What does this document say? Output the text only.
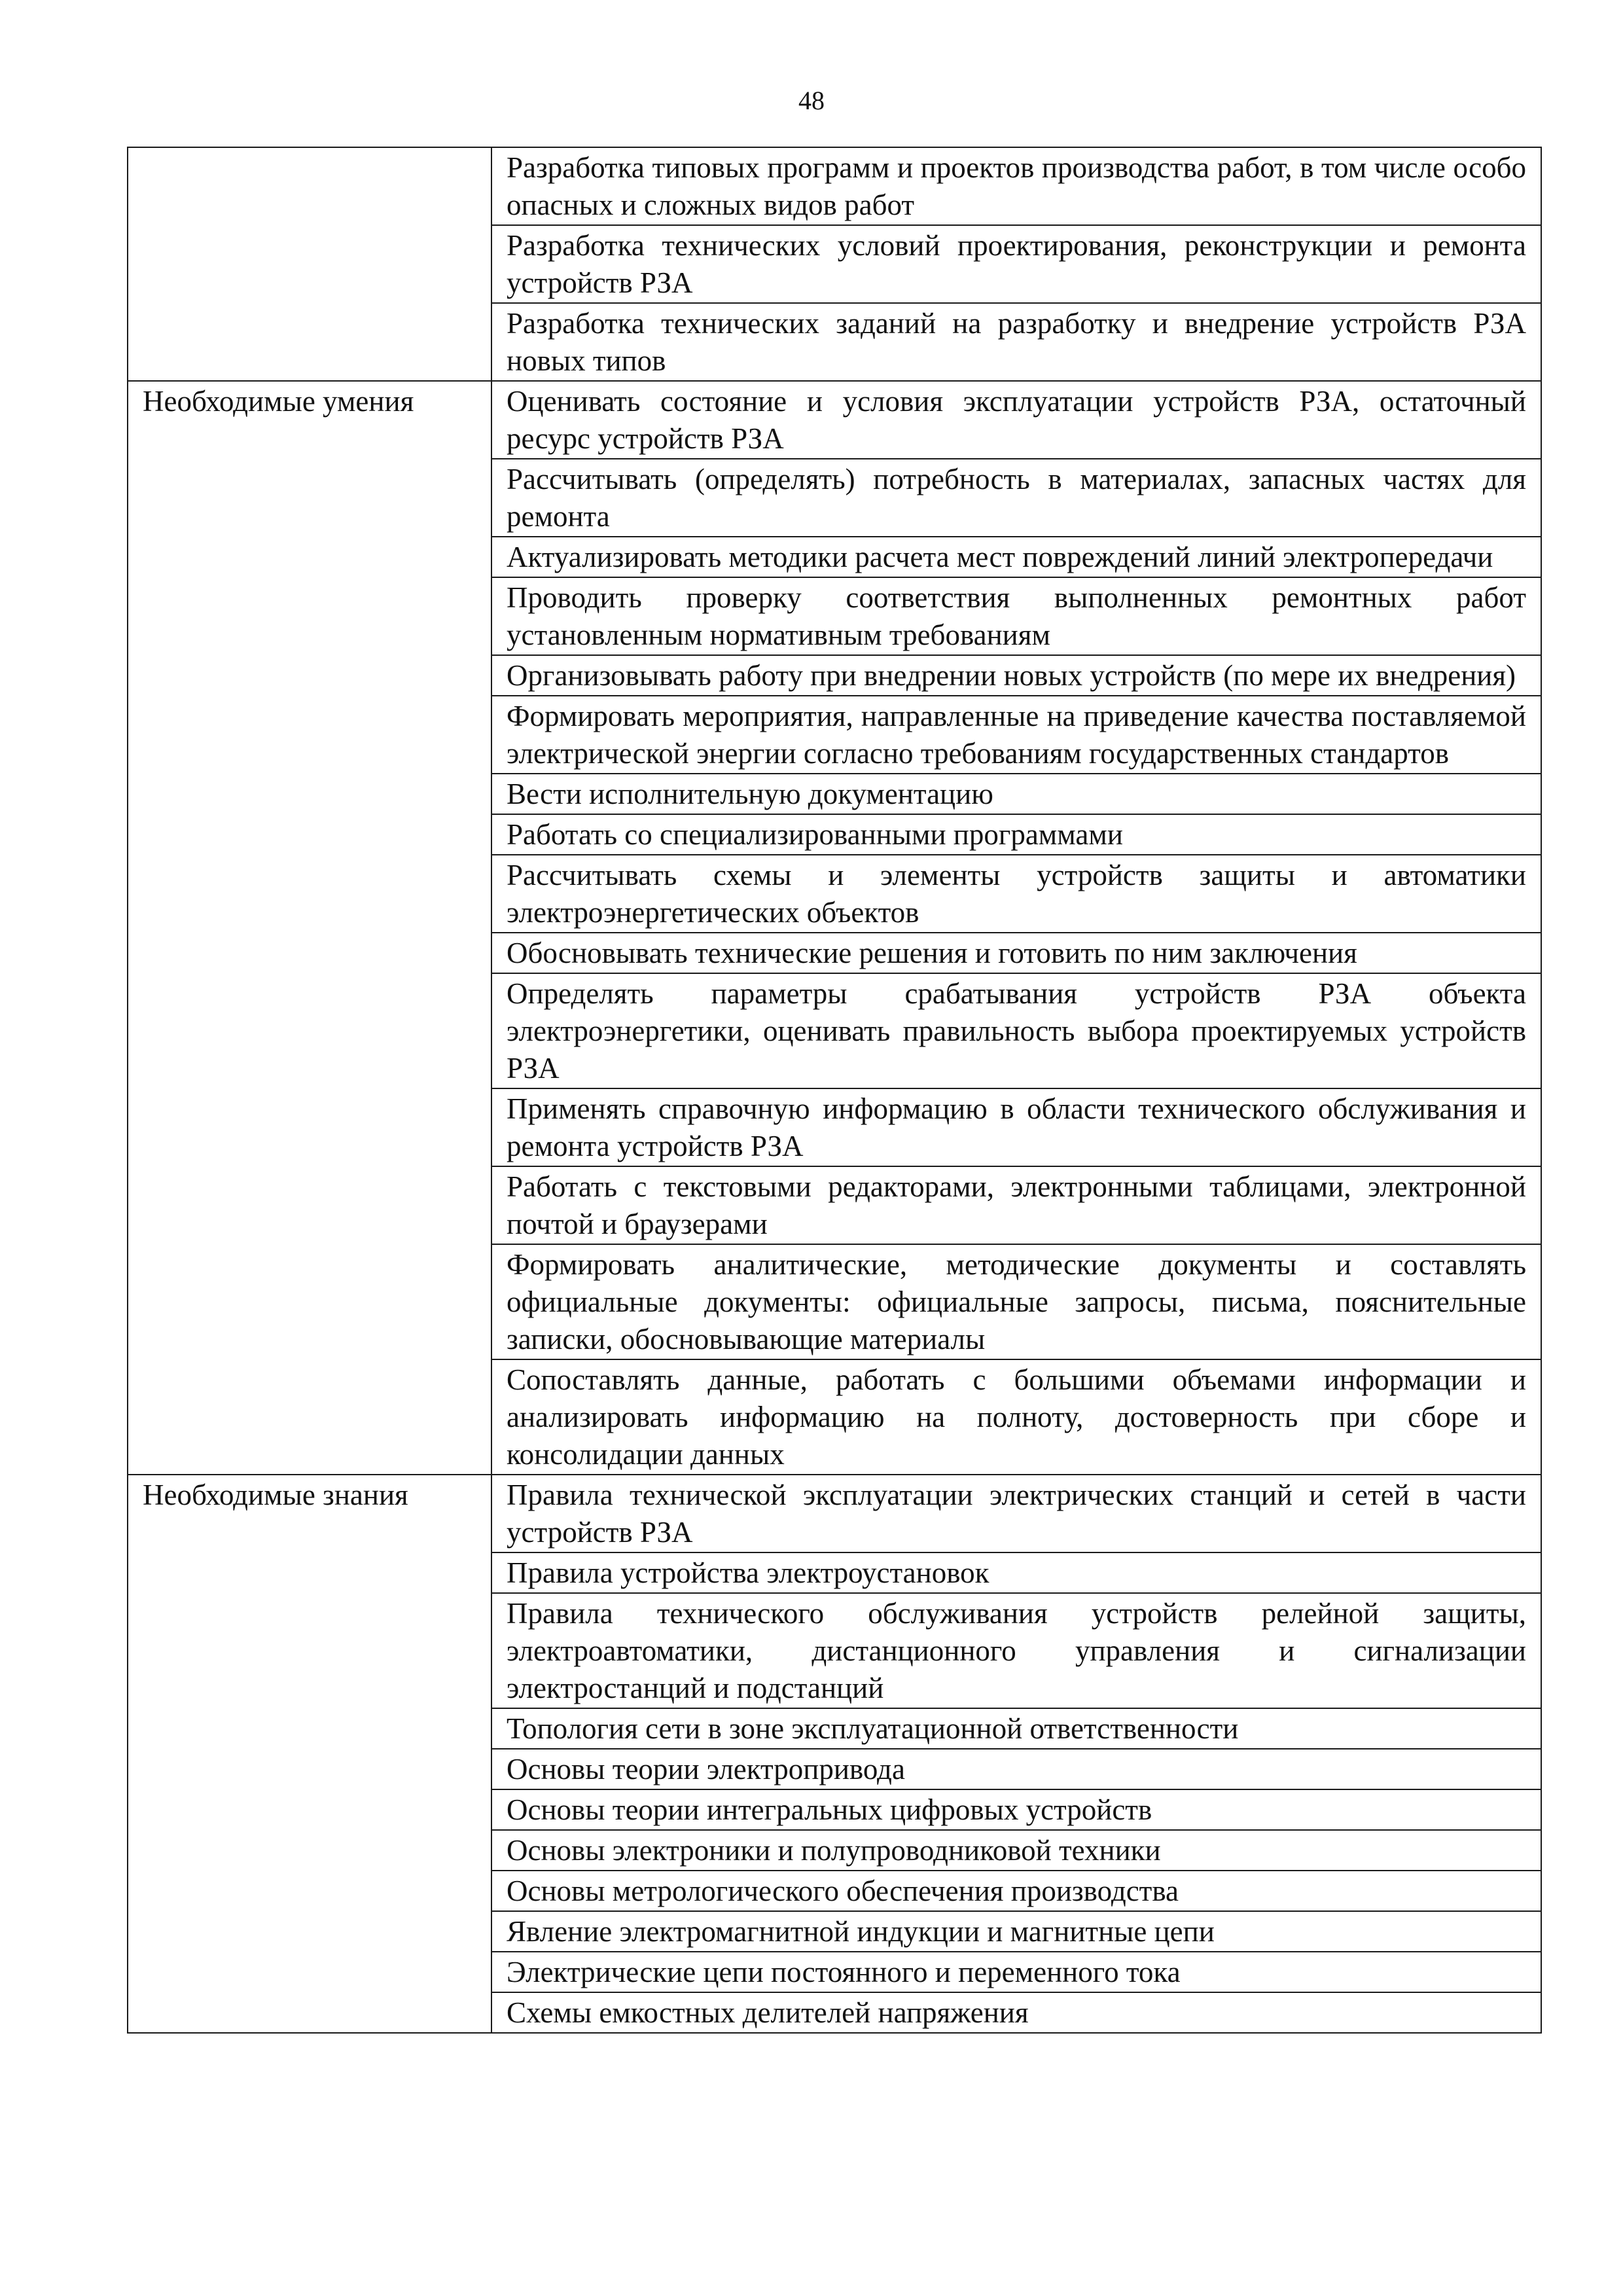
48
	Разработка типовых программ и проектов производства работ, в том числе особо опасных и сложных видов работ
	Разработка технических условий проектирования, реконструкции и ремонта устройств РЗА
	Разработка технических заданий на разработку и внедрение устройств РЗА новых типов
Необходимые умения	Оценивать состояние и условия эксплуатации устройств РЗА, остаточный ресурс устройств РЗА
	Рассчитывать (определять) потребность в материалах, запасных частях для ремонта
	Актуализировать методики расчета мест повреждений линий электропередачи
	Проводить проверку соответствия выполненных ремонтных работ установленным нормативным требованиям
	Организовывать работу при внедрении новых устройств (по мере их внедрения)
	Формировать мероприятия, направленные на приведение качества поставляемой электрической энергии согласно требованиям государственных стандартов
	Вести исполнительную документацию
	Работать со специализированными программами
	Рассчитывать схемы и элементы устройств защиты и автоматики электроэнергетических объектов
	Обосновывать технические решения и готовить по ним заключения
	Определять параметры срабатывания устройств РЗА объекта электроэнергетики, оценивать правильность выбора проектируемых устройств РЗА
	Применять справочную информацию в области технического обслуживания и ремонта устройств РЗА
	Работать с текстовыми редакторами, электронными таблицами, электронной почтой и браузерами
	Формировать аналитические, методические документы и составлять официальные документы: официальные запросы, письма, пояснительные записки, обосновывающие материалы
	Сопоставлять данные, работать с большими объемами информации и анализировать информацию на полноту, достоверность при сборе и консолидации данных
Необходимые знания	Правила технической эксплуатации электрических станций и сетей в части устройств РЗА
	Правила устройства электроустановок
	Правила технического обслуживания устройств релейной защиты, электроавтоматики, дистанционного управления и сигнализации электростанций и подстанций
	Топология сети в зоне эксплуатационной ответственности
	Основы теории электропривода
	Основы теории интегральных цифровых устройств
	Основы электроники и полупроводниковой техники
	Основы метрологического обеспечения производства
	Явление электромагнитной индукции и магнитные цепи
	Электрические цепи постоянного и переменного тока
	Схемы емкостных делителей напряжения
